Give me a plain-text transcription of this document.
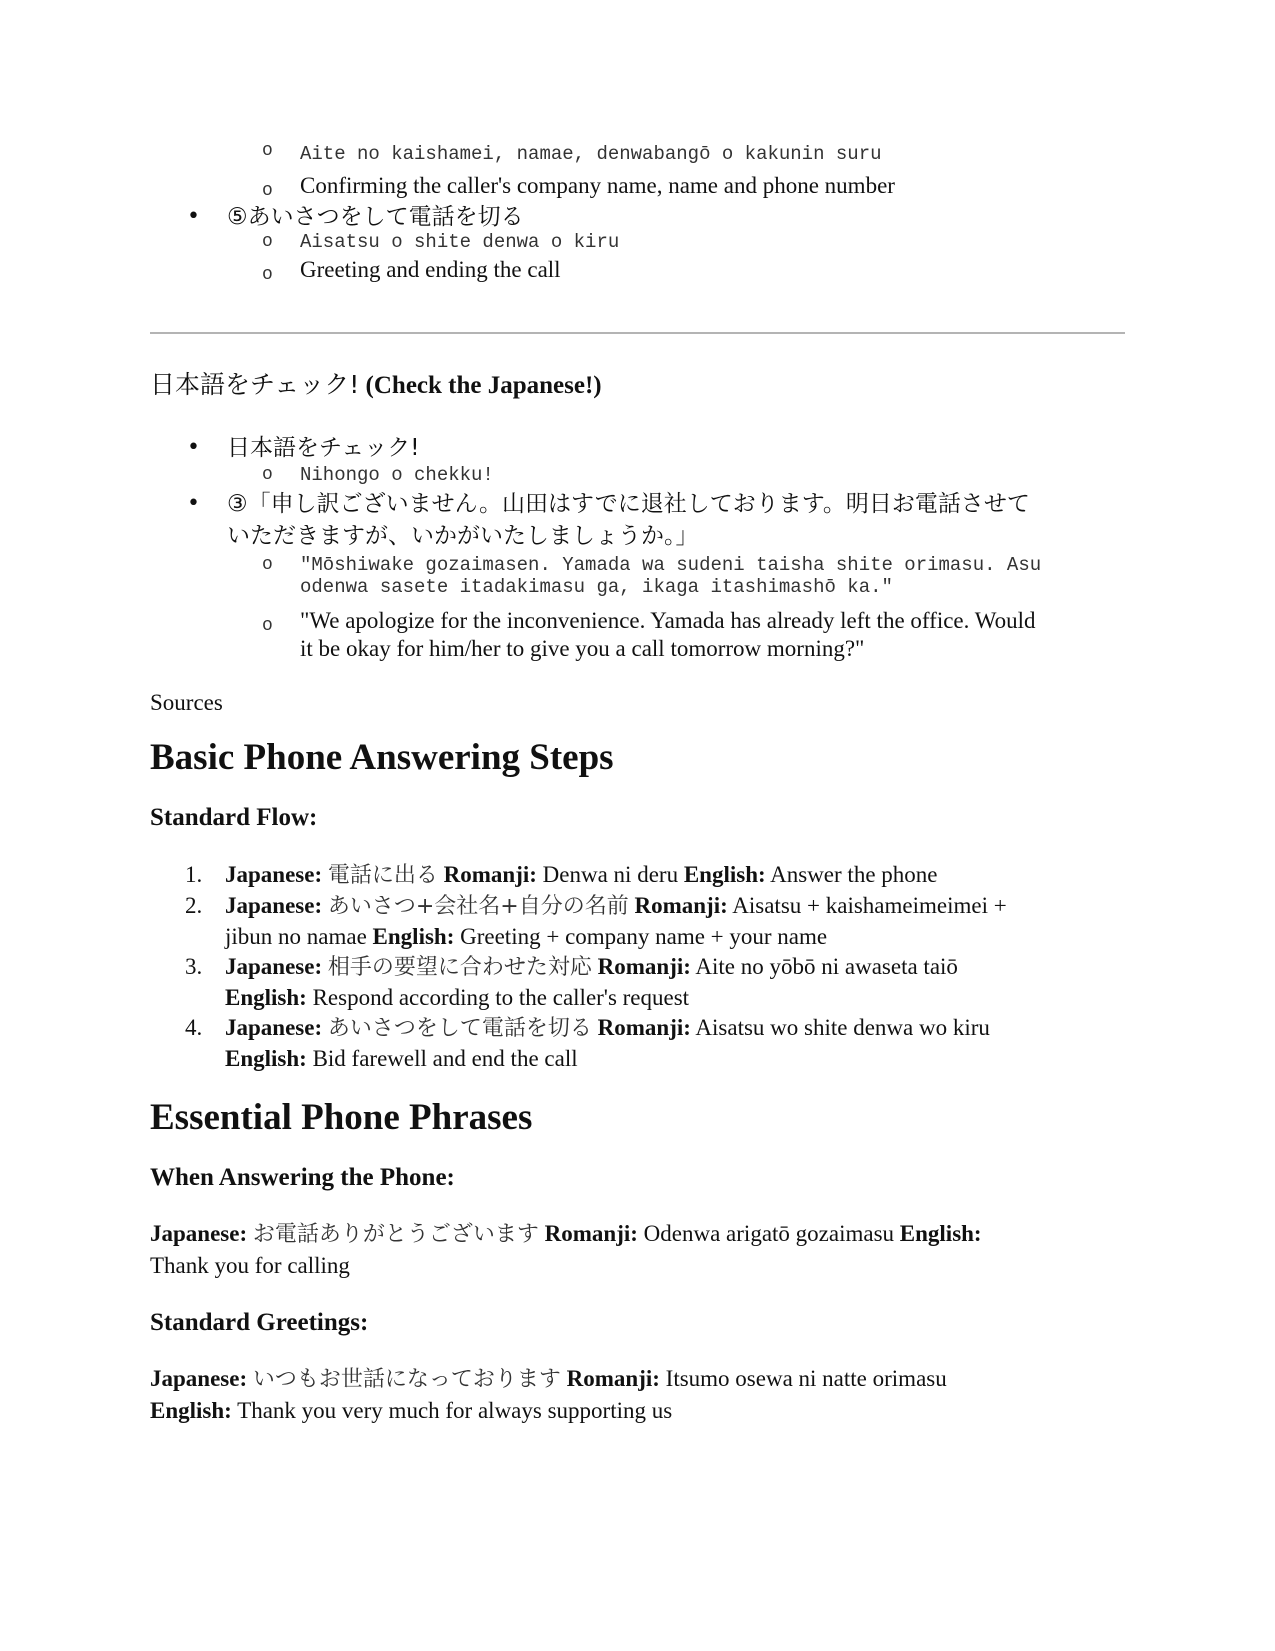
o Aite no kaishamei, namae, denwabangō o kakunin suru
o Confirming the caller's company name, name and phone number
• ⑤あいさつをして電話を切る
o Aisatsu o shite denwa o kiru
o Greeting and ending the call
日本語をチェック! (Check the Japanese!)
• 日本語をチェック!
o Nihongo o chekku!
• ③「申し訳ございません。山田はすでに退社しております。明日お電話させて
いただきますが、いかがいたしましょうか。」
o "Mōshiwake gozaimasen. Yamada wa sudeni taisha shite orimasu. Asu
odenwa sasete itadakimasu ga, ikaga itashimashō ka."
o "We apologize for the inconvenience. Yamada has already left the office. Would
it be okay for him/her to give you a call tomorrow morning?"
Sources
Basic Phone Answering Steps
Standard Flow:
1. Japanese: 電話に出る Romanji: Denwa ni deru English: Answer the phone
2. Japanese: あいさつ+会社名+自分の名前 Romanji: Aisatsu + kaishameimeimei +
jibun no namae English: Greeting + company name + your name
3. Japanese: 相手の要望に合わせた対応 Romanji: Aite no yōbō ni awaseta taiō
English: Respond according to the caller's request
4. Japanese: あいさつをして電話を切る Romanji: Aisatsu wo shite denwa wo kiru
English: Bid farewell and end the call
Essential Phone Phrases
When Answering the Phone:
Japanese: お電話ありがとうございます Romanji: Odenwa arigatō gozaimasu English:
Thank you for calling
Standard Greetings:
Japanese: いつもお世話になっております Romanji: Itsumo osewa ni natte orimasu
English: Thank you very much for always supporting us
